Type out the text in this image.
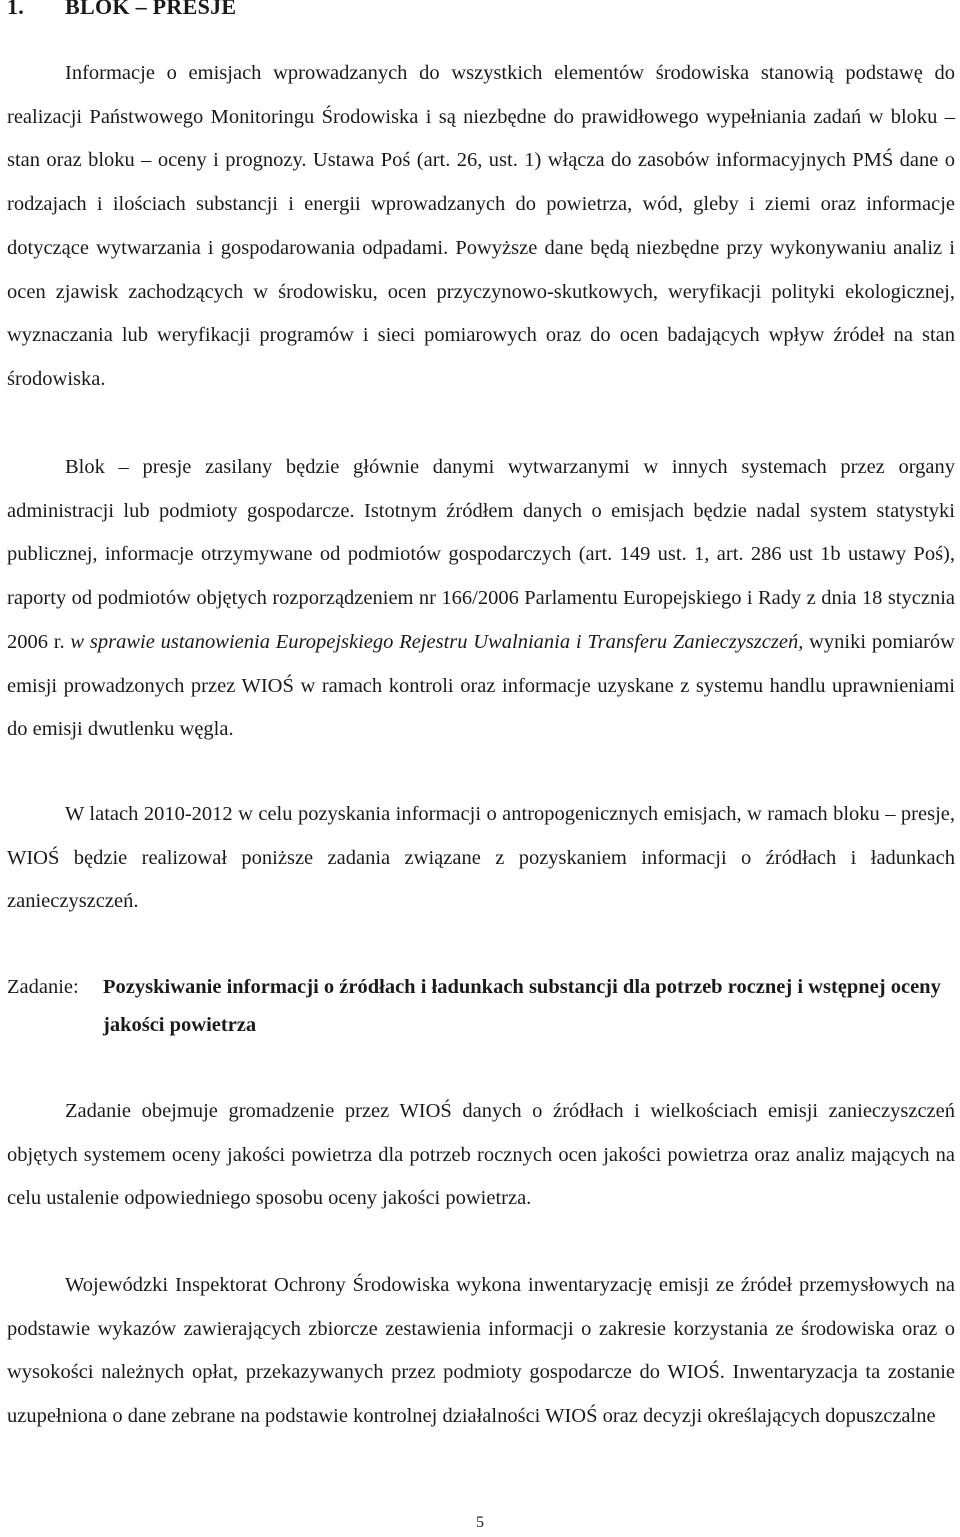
1. BLOK – PRESJE

Informacje o emisjach wprowadzanych do wszystkich elementów środowiska stanowią podstawę do realizacji Państwowego Monitoringu Środowiska i są niezbędne do prawidłowego wypełniania zadań w bloku – stan oraz bloku – oceny i prognozy. Ustawa Poś (art. 26, ust. 1) włącza do zasobów informacyjnych PMŚ dane o rodzajach i ilościach substancji i energii wprowadzanych do powietrza, wód, gleby i ziemi oraz informacje dotyczące wytwarzania i gospodarowania odpadami. Powyższe dane będą niezbędne przy wykonywaniu analiz i ocen zjawisk zachodzących w środowisku, ocen przyczynowo-skutkowych, weryfikacji polityki ekologicznej, wyznaczania lub weryfikacji programów i sieci pomiarowych oraz do ocen badających wpływ źródeł na stan środowiska.

Blok – presje zasilany będzie głównie danymi wytwarzanymi w innych systemach przez organy administracji lub podmioty gospodarcze. Istotnym źródłem danych o emisjach będzie nadal system statystyki publicznej, informacje otrzymywane od podmiotów gospodarczych (art. 149 ust. 1, art. 286 ust 1b ustawy Poś), raporty od podmiotów objętych rozporządzeniem nr 166/2006 Parlamentu Europejskiego i Rady z dnia 18 stycznia 2006 r. w sprawie ustanowienia Europejskiego Rejestru Uwalniania i Transferu Zanieczyszczeń, wyniki pomiarów emisji prowadzonych przez WIOŚ w ramach kontroli oraz informacje uzyskane z systemu handlu uprawnieniami do emisji dwutlenku węgla.

W latach 2010-2012 w celu pozyskania informacji o antropogenicznych emisjach, w ramach bloku – presje, WIOŚ będzie realizował poniższe zadania związane z pozyskaniem informacji o źródłach i ładunkach zanieczyszczeń.

Zadanie:	Pozyskiwanie informacji o źródłach i ładunkach substancji dla potrzeb rocznej i wstępnej oceny jakości powietrza

Zadanie obejmuje gromadzenie przez WIOŚ danych o źródłach i wielkościach emisji zanieczyszczeń objętych systemem oceny jakości powietrza dla potrzeb rocznych ocen jakości powietrza oraz analiz mających na celu ustalenie odpowiedniego sposobu oceny jakości powietrza.

Wojewódzki Inspektorat Ochrony Środowiska wykona inwentaryzację emisji ze źródeł przemysłowych na podstawie wykazów zawierających zbiorcze zestawienia informacji o zakresie korzystania ze środowiska oraz o wysokości należnych opłat, przekazywanych przez podmioty gospodarcze do WIOŚ. Inwentaryzacja ta zostanie uzupełniona o dane zebrane na podstawie kontrolnej działalności WIOŚ oraz decyzji określających dopuszczalne

5
